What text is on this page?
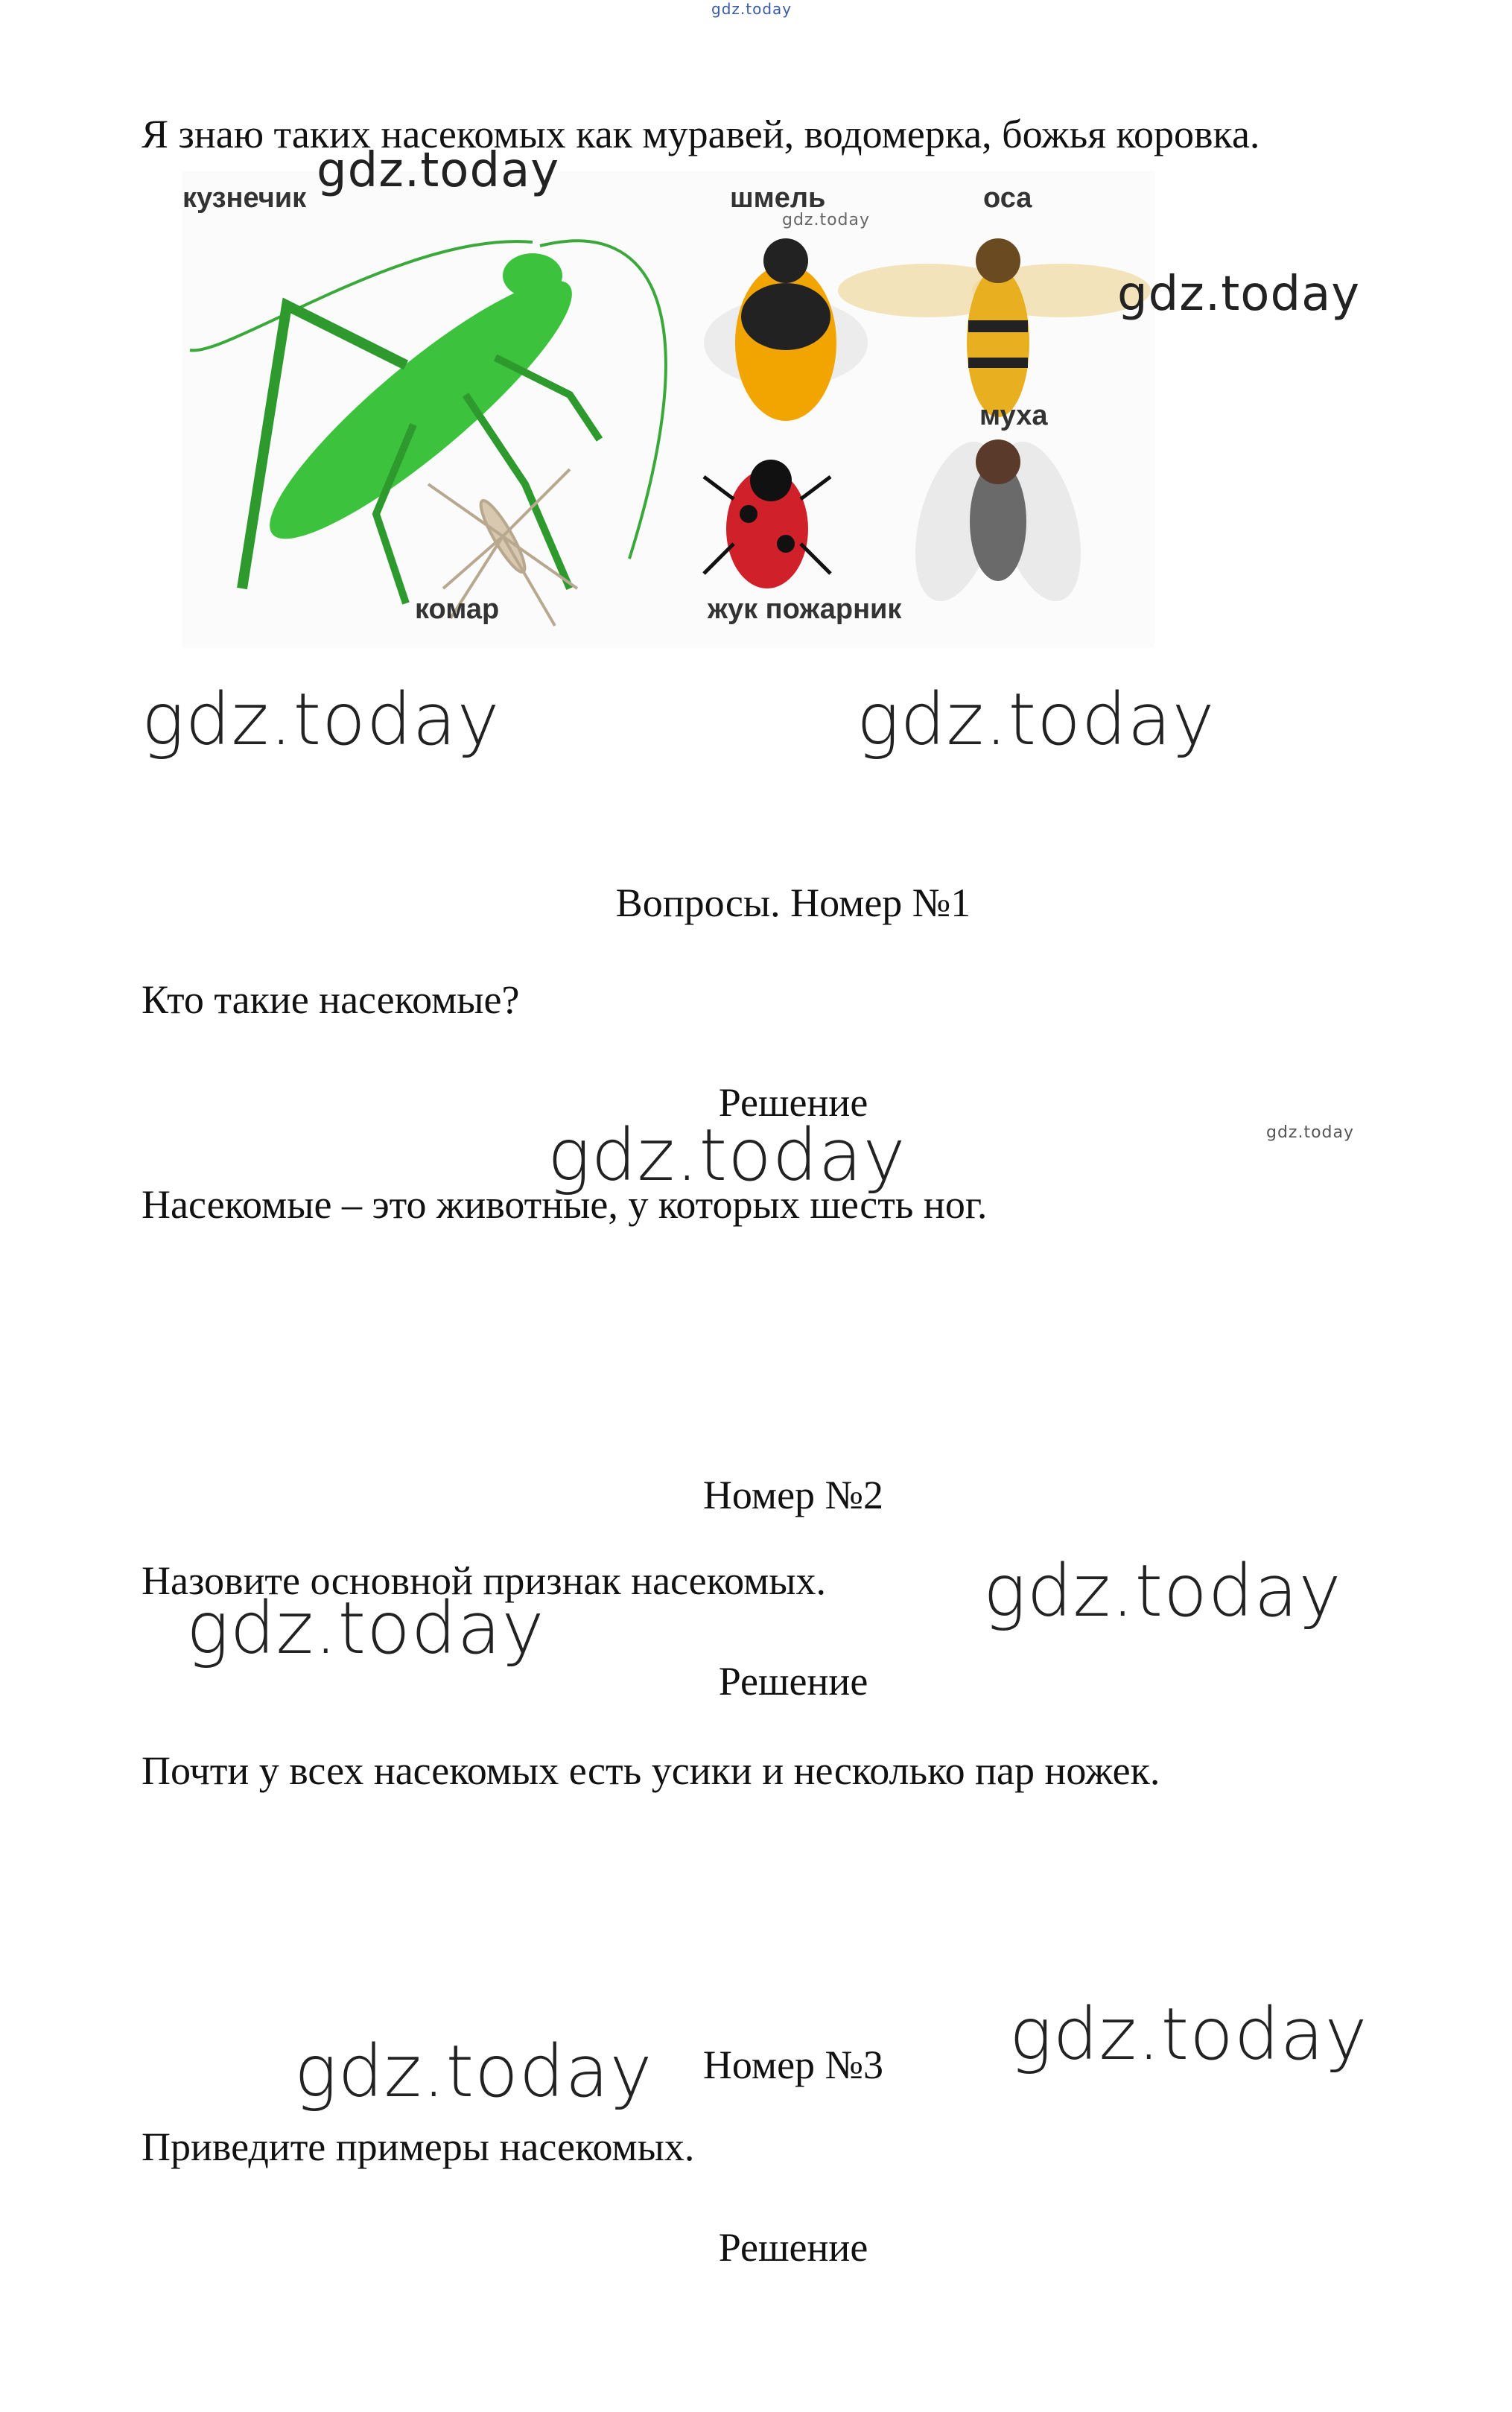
gdz.today
Я знаю таких насекомых как муравей, водомерка, божья коровка.
кузнечик
комар
шмель
gdz.today
оса
муха
жук пожарник
gdz.today
gdz.today
gdz.today	gdz.today
Вопросы. Номер №1
Кто такие насекомые?
Решение
gdz.today	gdz.today
Насекомые – это животные, у которых шесть ног.
Номер №2
Назовите основной признак насекомых. gdz.today
gdz.today
Решение
Почти у всех насекомых есть усики и несколько пар ножек.
gdz.today
gdz.today	Номер №3
Приведите примеры насекомых.
Решение
